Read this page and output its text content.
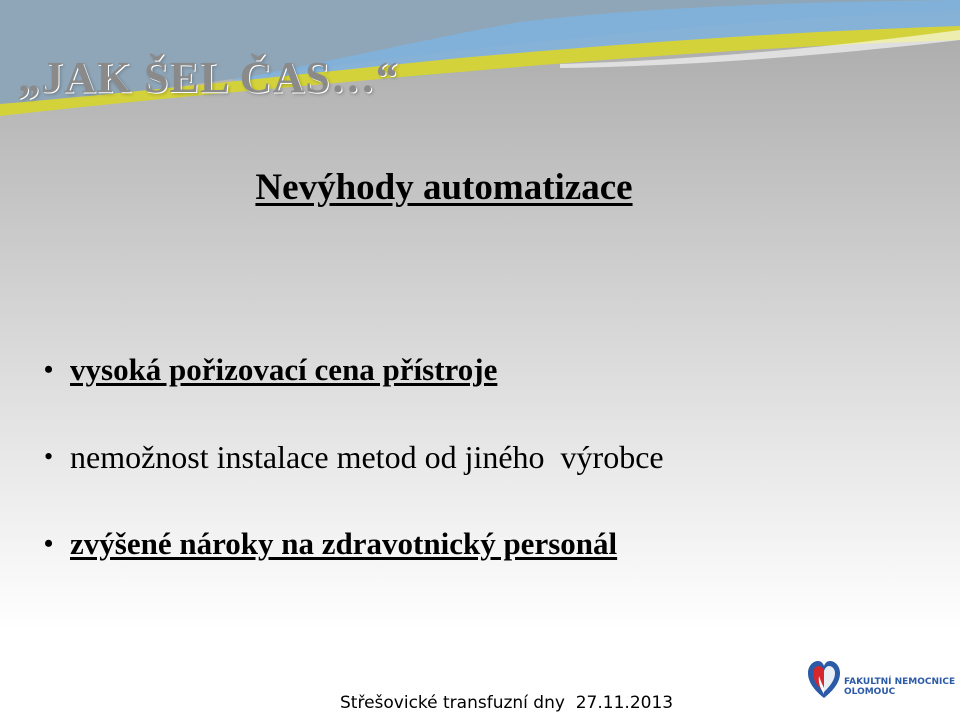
„JAK ŠEL ČAS…“
Nevýhody automatizace
• vysoká pořizovací cena přístroje
• nemožnost instalace metod od jiného  výrobce
• zvýšené nároky na zdravotnický personál
Střešovické transfuzní dny  27.11.2013
FAKULTNÍ NEMOCNICE
OLOMOUC
